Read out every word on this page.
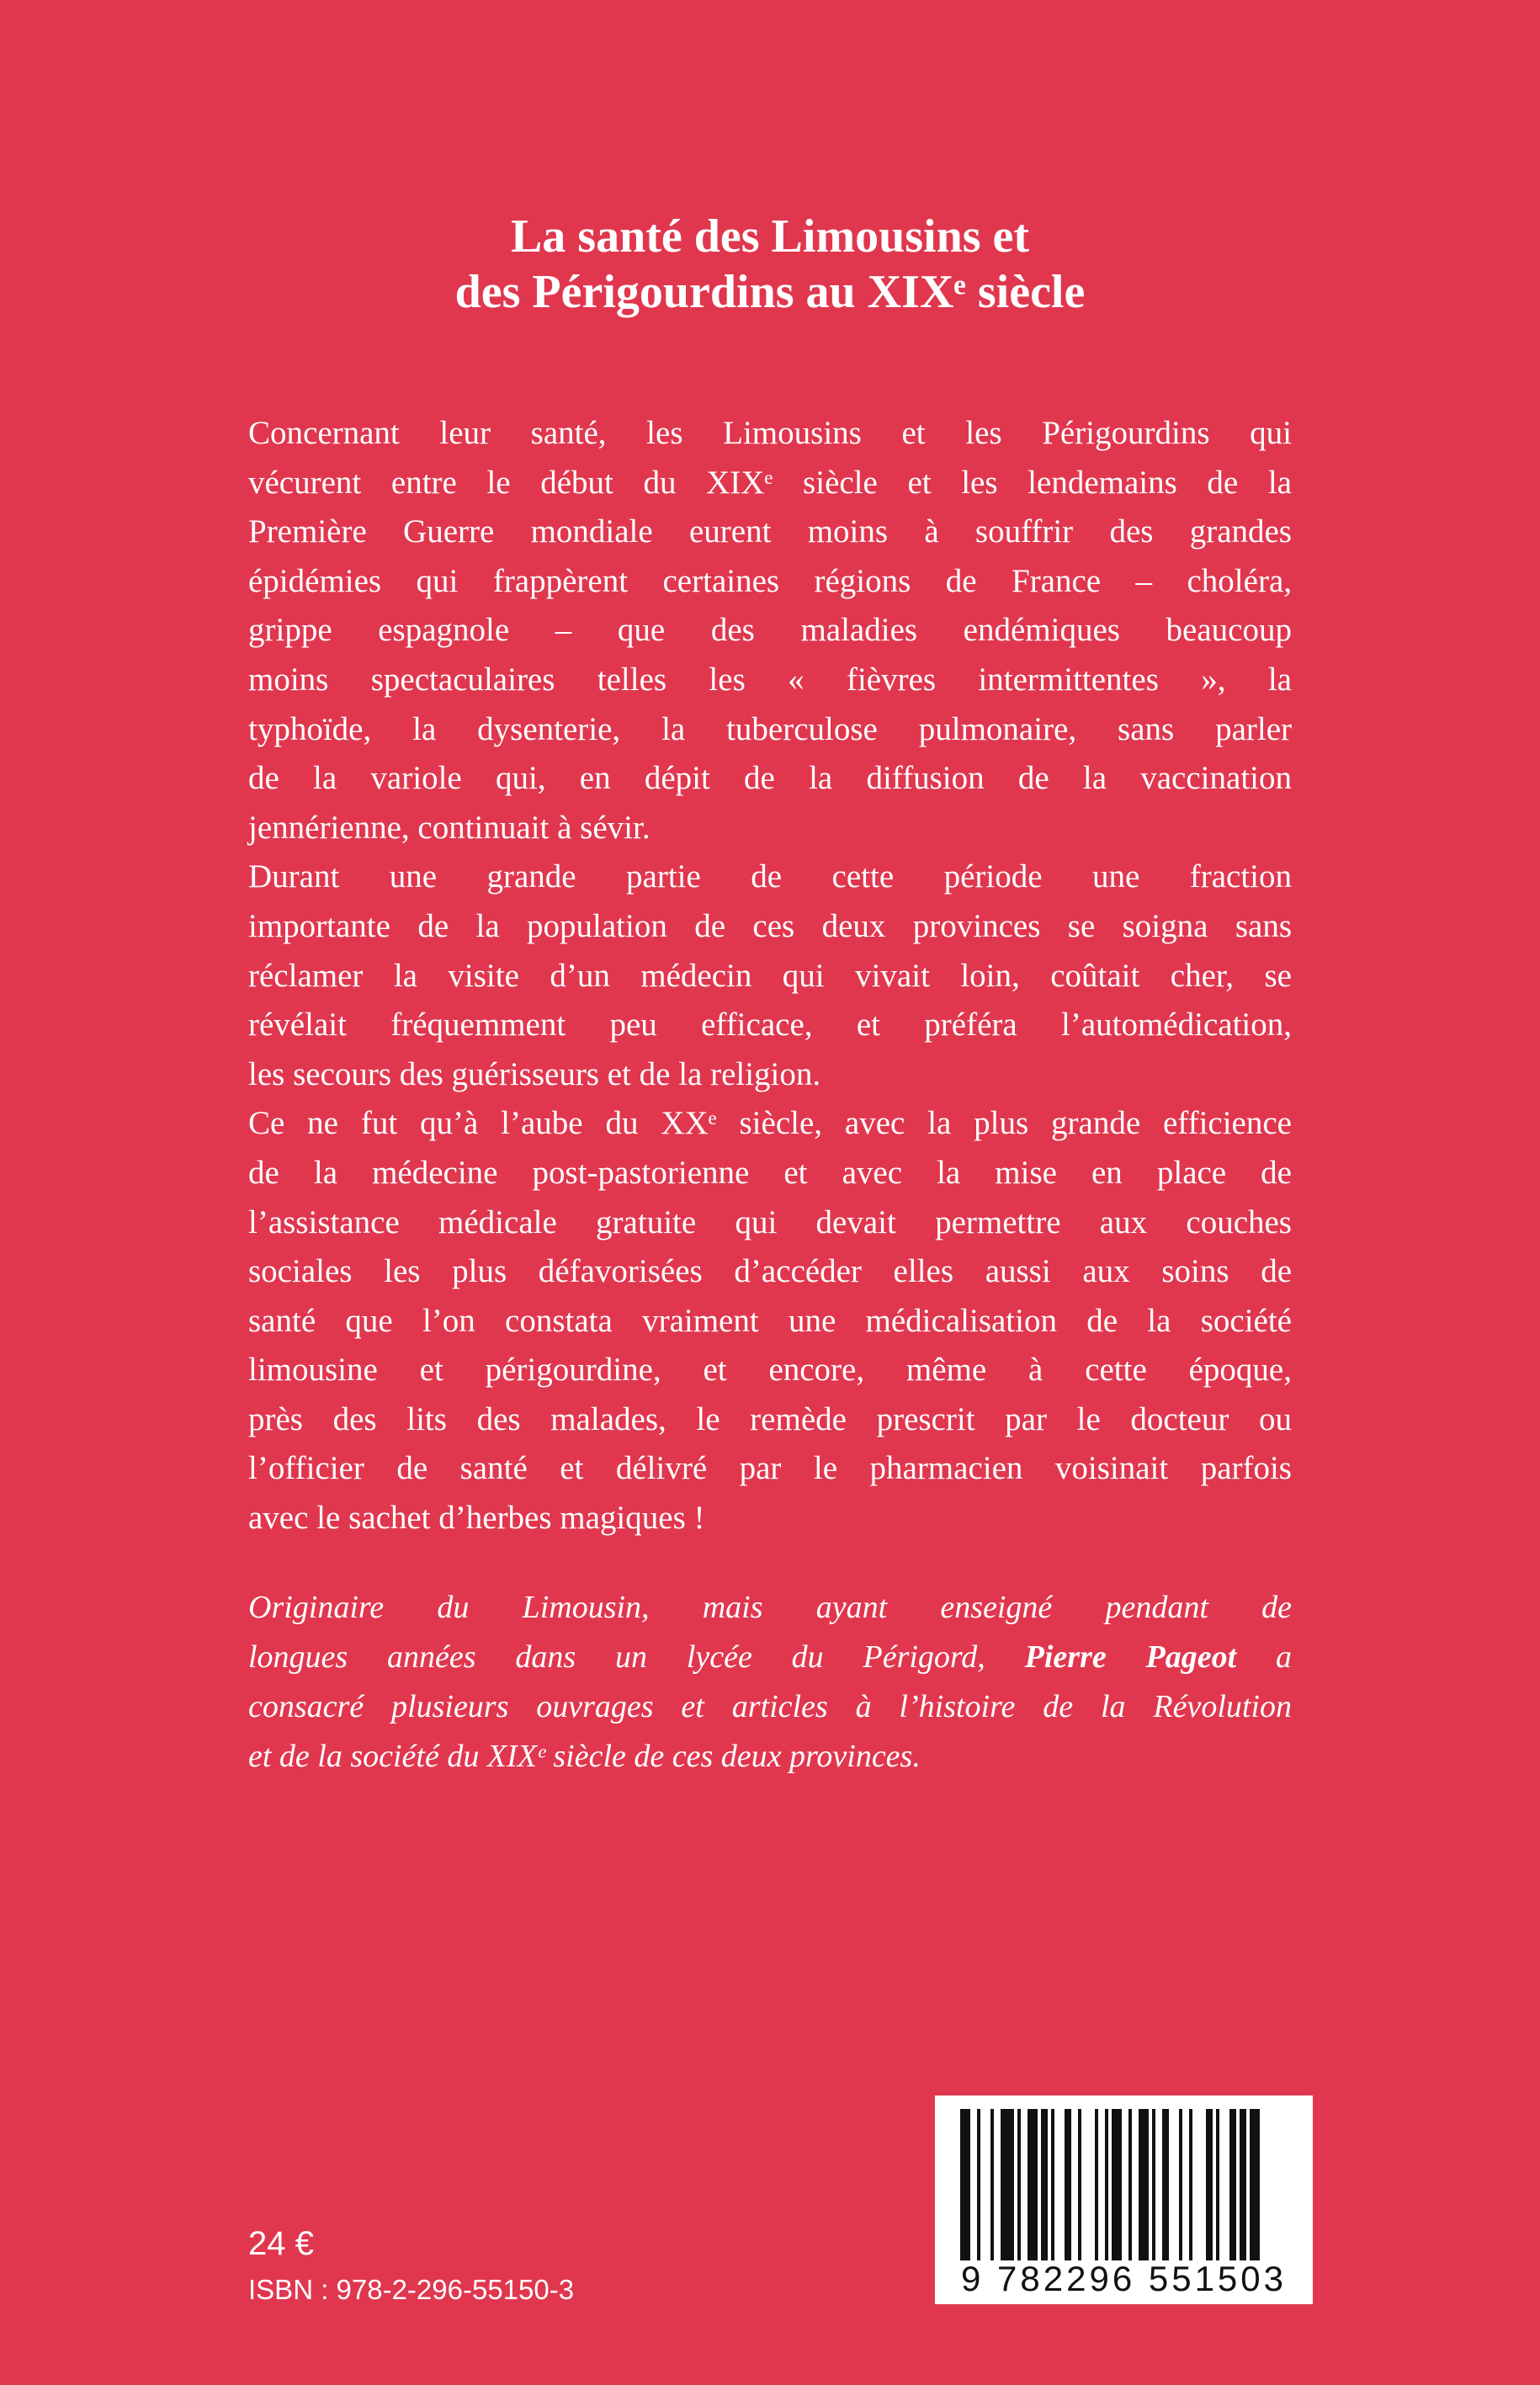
La santé des Limousins et
des Périgourdins au XIXᵉ siècle
Concernant leur santé, les Limousins et les Périgourdins qui
vécurent entre le début du XIXᵉ siècle et les lendemains de la
Première Guerre mondiale eurent moins à souffrir des grandes
épidémies qui frappèrent certaines régions de France – choléra,
grippe espagnole – que des maladies endémiques beaucoup
moins spectaculaires telles les « fièvres intermittentes », la
typhoïde, la dysenterie, la tuberculose pulmonaire, sans parler
de la variole qui, en dépit de la diffusion de la vaccination
jennérienne, continuait à sévir.
Durant une grande partie de cette période une fraction
importante de la population de ces deux provinces se soigna sans
réclamer la visite d’un médecin qui vivait loin, coûtait cher, se
révélait fréquemment peu efficace, et préféra l’automédication,
les secours des guérisseurs et de la religion.
Ce ne fut qu’à l’aube du XXᵉ siècle, avec la plus grande efficience
de la médecine post-pastorienne et avec la mise en place de
l’assistance médicale gratuite qui devait permettre aux couches
sociales les plus défavorisées d’accéder elles aussi aux soins de
santé que l’on constata vraiment une médicalisation de la société
limousine et périgourdine, et encore, même à cette époque,
près des lits des malades, le remède prescrit par le docteur ou
l’officier de santé et délivré par le pharmacien voisinait parfois
avec le sachet d’herbes magiques !
Originaire du Limousin, mais ayant enseigné pendant de
longues années dans un lycée du Périgord, Pierre Pageot a
consacré plusieurs ouvrages et articles à l’histoire de la Révolution
et de la société du XIXᵉ siècle de ces deux provinces.
24 €
ISBN : 978-2-296-55150-3	9 782296 551503
